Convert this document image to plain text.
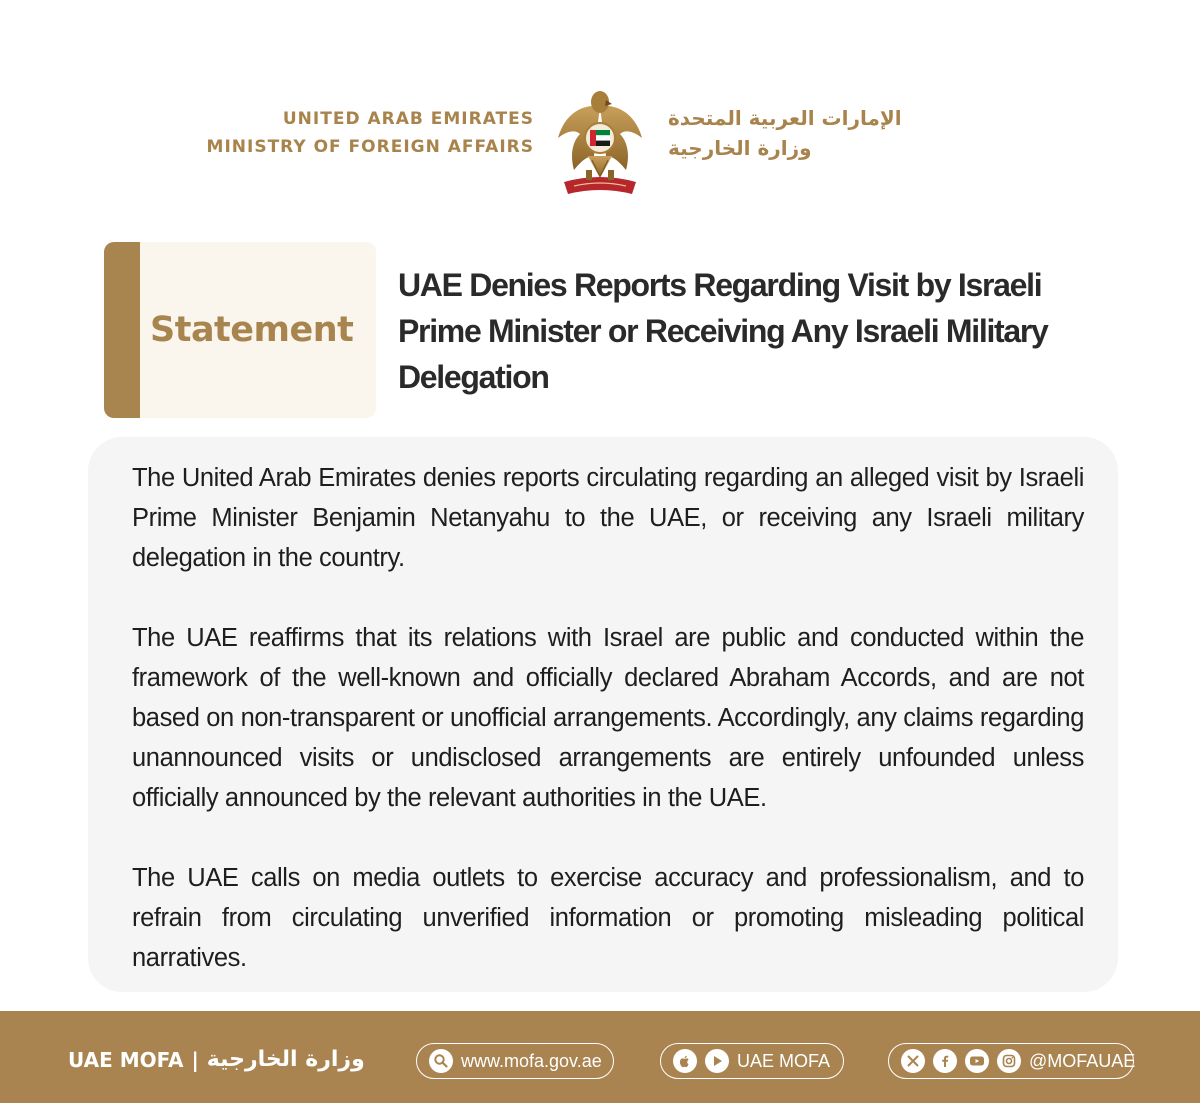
UNITED ARAB EMIRATES
MINISTRY OF FOREIGN AFFAIRS
الإمارات العربية المتحدة
وزارة الخارجية
Statement
UAE Denies Reports Regarding Visit by Israeli Prime Minister or Receiving Any Israeli Military Delegation

The United Arab Emirates denies reports circulating regarding an alleged visit by Israeli Prime Minister Benjamin Netanyahu to the UAE, or receiving any Israeli military delegation in the country.

The UAE reaffirms that its relations with Israel are public and conducted within the framework of the well-known and officially declared Abraham Accords, and are not based on non-transparent or unofficial arrangements. Accordingly, any claims regarding unannounced visits or undisclosed arrangements are entirely unfounded unless officially announced by the relevant authorities in the UAE.

The UAE calls on media outlets to exercise accuracy and professionalism, and to refrain from circulating unverified information or promoting misleading political narratives.

UAE MOFA | وزارة الخارجية	www.mofa.gov.ae	UAE MOFA	@MOFAUAE
